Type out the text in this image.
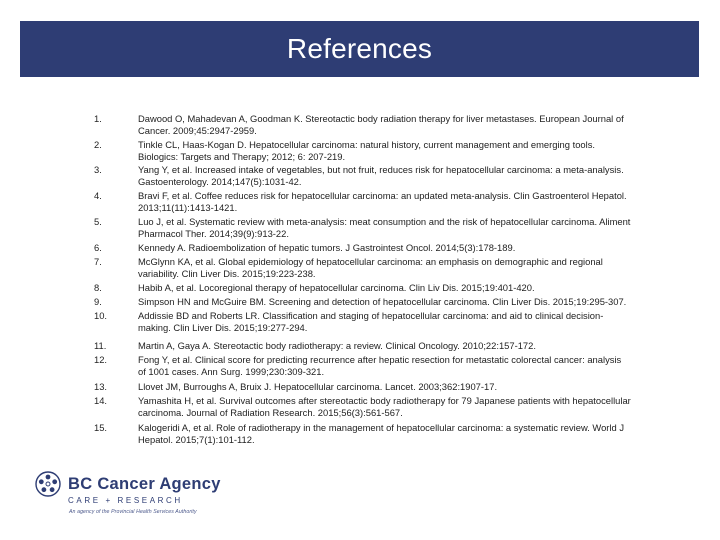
References
1.	Dawood O, Mahadevan A, Goodman K. Stereotactic body radiation therapy for liver metastases. European Journal of
Cancer. 2009;45:2947-2959.
2.	Tinkle CL, Haas-Kogan D. Hepatocellular carcinoma: natural history, current management and emerging tools.
Biologics: Targets and Therapy; 2012; 6: 207-219.
3.	Yang Y, et al. Increased intake of vegetables, but not fruit, reduces risk for hepatocellular carcinoma: a meta-analysis.
Gastoenterology. 2014;147(5):1031-42.
4.	Bravi F, et al. Coffee reduces risk for hepatocellular carcinoma: an updated meta-analysis. Clin Gastroenterol Hepatol.
2013;11(11):1413-1421.
5.	Luo J, et al. Systematic review with meta-analysis: meat consumption and the risk of hepatocellular carcinoma. Aliment
Pharmacol Ther. 2014;39(9):913-22.
6.	Kennedy A. Radioembolization of hepatic tumors. J Gastrointest Oncol. 2014;5(3):178-189.
7.	McGlynn KA, et al. Global epidemiology of hepatocellular carcinoma: an emphasis on demographic and regional
variability. Clin Liver Dis. 2015;19:223-238.
8.	Habib A, et al. Locoregional therapy of hepatocellular carcinoma. Clin Liv Dis. 2015;19:401-420.
9.	Simpson HN and McGuire BM. Screening and detection of hepatocellular carcinoma. Clin Liver Dis. 2015;19:295-307.
10.	Addissie BD and Roberts LR. Classification and staging of hepatocellular carcinoma: and aid to clinical decision-
making. Clin Liver Dis. 2015;19:277-294.
11.	Martin A, Gaya A. Stereotactic body radiotherapy: a review. Clinical Oncology. 2010;22:157-172.
12.	Fong Y, et al. Clinical score for predicting recurrence after hepatic resection for metastatic colorectal cancer: analysis
of 1001 cases. Ann Surg. 1999;230:309-321.
13.	Llovet JM, Burroughs A, Bruix J. Hepatocellular carcinoma. Lancet. 2003;362:1907-17.
14.	Yamashita H, et al. Survival outcomes after stereotactic body radiotherapy for 79 Japanese patients with hepatocellular
carcinoma. Journal of Radiation Research. 2015;56(3):561-567.
15.	Kalogeridi A, et al. Role of radiotherapy in the management of hepatocellular carcinoma: a systematic review. World J
Hepatol. 2015;7(1):101-112.
BC Cancer Agency
CARE + RESEARCH
An agency of the Provincial Health Services Authority
